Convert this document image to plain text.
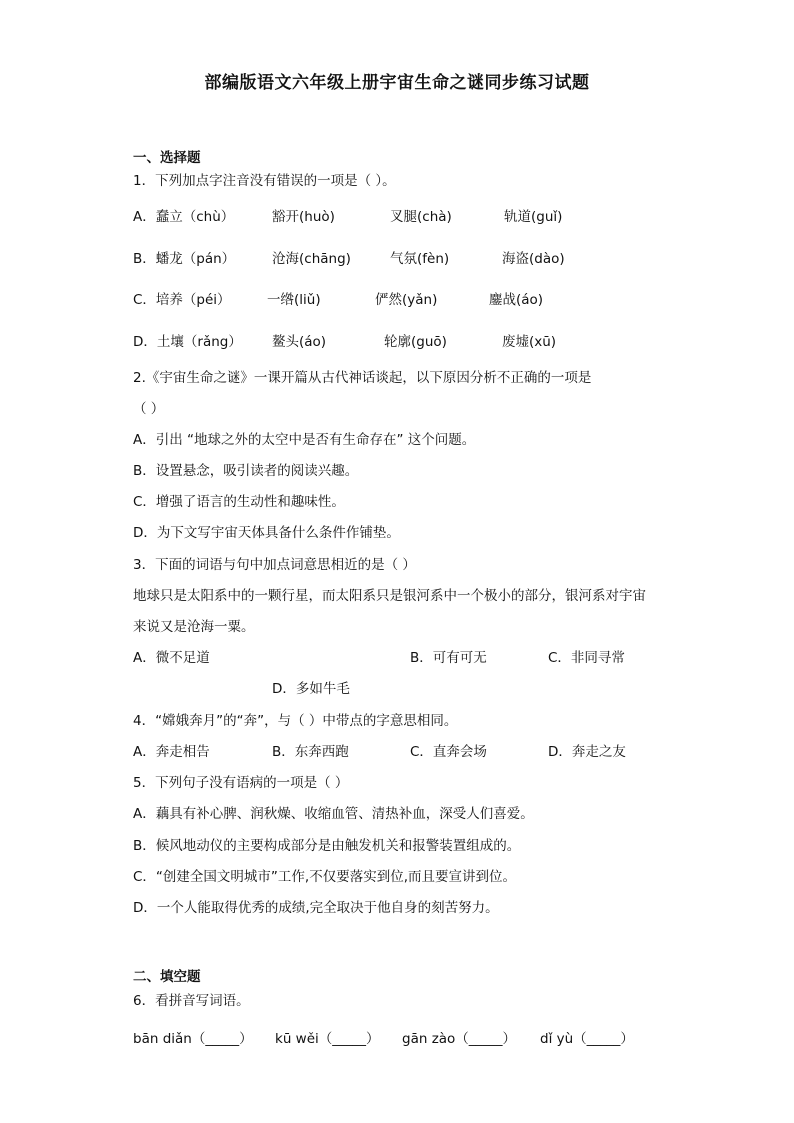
部编版语文六年级上册宇宙生命之谜同步练习试题
一、选择题
1．下列加点字注音没有错误的一项是（ ）。
A．蠢立（chù）	豁开(huò)	叉腿(chà)	轨道(guǐ)
B．蟠龙（pán）	沧海(chāng)	气氛(fèn)	海盗(dào)
C．培养（péi）	一绺(liǔ)	俨然(yǎn)	鏖战(áo)
D．土壤（rǎng） 鳌头(áo)	轮廓(guō)	废墟(xū)
2.《宇宙生命之谜》一课开篇从古代神话谈起，以下原因分析不正确的一项是
（ ）
A．引出 “地球之外的太空中是否有生命存在” 这个问题。
B．设置悬念，吸引读者的阅读兴趣。
C．增强了语言的生动性和趣味性。
D．为下文写宇宙天体具备什么条件作铺垫。
3．下面的词语与句中加点词意思相近的是（ ）
地球只是太阳系中的一颗行星，而太阳系只是银河系中一个极小的部分，银河系对宇宙
来说又是沧海一粟。
A．微不足道	B．可有可无	C．非同寻常
D．多如牛毛
4．“嫦娥奔月”的“奔”，与（ ）中带点的字意思相同。
A．奔走相告	B．东奔西跑	C．直奔会场	D．奔走之友
5．下列句子没有语病的一项是（ ）
A．藕具有补心脾、润秋燥、收缩血管、清热补血，深受人们喜爱。
B．候风地动仪的主要构成部分是由触发机关和报警装置组成的。
C．“创建全国文明城市”工作,不仅要落实到位,而且要宣讲到位。
D．一个人能取得优秀的成绩,完全取决于他自身的刻苦努力。
二、填空题
6．看拼音写词语。
bān diǎn（_____） kū wěi（_____） gān zào（_____） dǐ yù（_____）
